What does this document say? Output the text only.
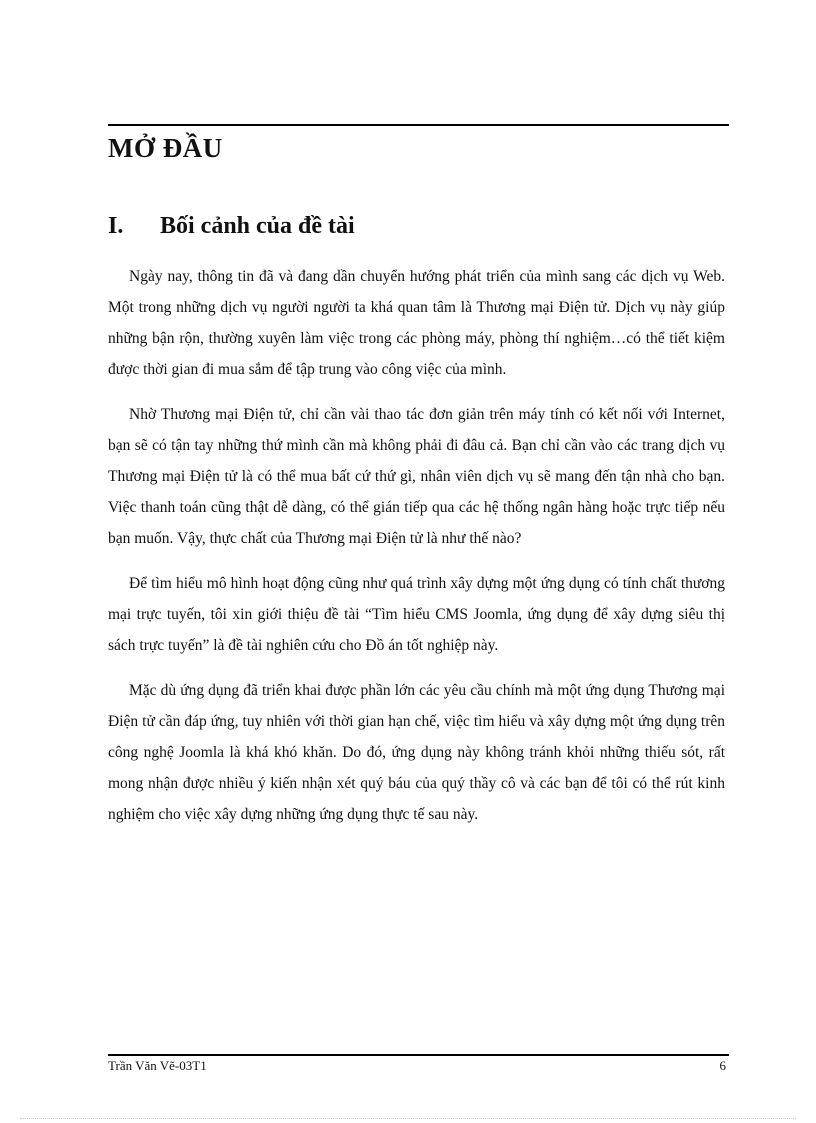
MỞ ĐẦU
I. Bối cảnh của đề tài

Ngày nay, thông tin đã và đang dần chuyển hướng phát triển của mình sang các dịch vụ Web. Một trong những dịch vụ người người ta khá quan tâm là Thương mại Điện tử. Dịch vụ này giúp những bận rộn, thường xuyên làm việc trong các phòng máy, phòng thí nghiệm…có thể tiết kiệm được thời gian đi mua sắm để tập trung vào công việc của mình.

Nhờ Thương mại Điện tử, chỉ cần vài thao tác đơn giản trên máy tính có kết nối với Internet, bạn sẽ có tận tay những thứ mình cần mà không phải đi đâu cả. Bạn chỉ cần vào các trang dịch vụ Thương mại Điện tử là có thể mua bất cứ thứ gì, nhân viên dịch vụ sẽ mang đến tận nhà cho bạn. Việc thanh toán cũng thật dễ dàng, có thể gián tiếp qua các hệ thống ngân hàng hoặc trực tiếp nếu bạn muốn. Vậy, thực chất của Thương mại Điện tử là như thế nào?

Để tìm hiểu mô hình hoạt động cũng như quá trình xây dựng một ứng dụng có tính chất thương mại trực tuyến, tôi xin giới thiệu đề tài “Tìm hiểu CMS Joomla, ứng dụng để xây dựng siêu thị sách trực tuyến” là đề tài nghiên cứu cho Đồ án tốt nghiệp này.

Mặc dù ứng dụng đã triển khai được phần lớn các yêu cầu chính mà một ứng dụng Thương mại Điện tử cần đáp ứng, tuy nhiên với thời gian hạn chế, việc tìm hiểu và xây dựng một ứng dụng trên công nghệ Joomla là khá khó khăn. Do đó, ứng dụng này không tránh khỏi những thiếu sót, rất mong nhận được nhiều ý kiến nhận xét quý báu của quý thầy cô và các bạn để tôi có thể rút kinh nghiệm cho việc xây dựng những ứng dụng thực tế sau này.

Trần Văn Vẽ-03T1	6
